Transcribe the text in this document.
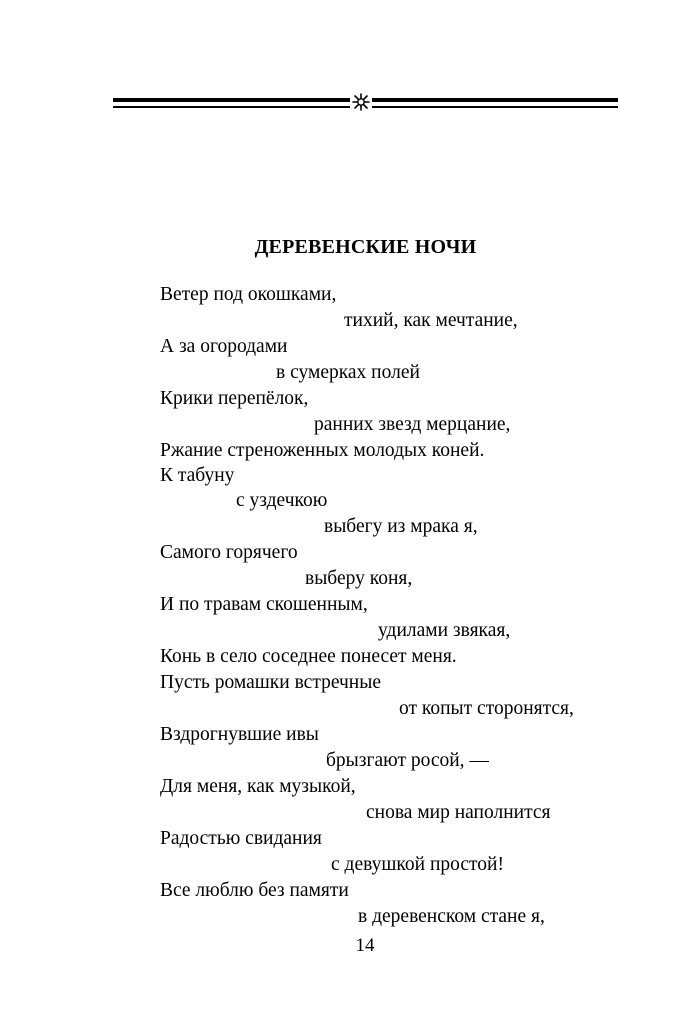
ДЕРЕВЕНСКИЕ НОЧИ
Ветер под окошками,
тихий, как мечтание,
А за огородами
в сумерках полей
Крики перепёлок,
ранних звезд мерцание,
Ржание стреноженных молодых коней.
К табуну
с уздечкою
выбегу из мрака я,
Самого горячего
выберу коня,
И по травам скошенным,
удилами звякая,
Конь в село соседнее понесет меня.
Пусть ромашки встречные
от копыт сторонятся,
Вздрогнувшие ивы
брызгают росой, —
Для меня, как музыкой,
снова мир наполнится
Радостью свидания
с девушкой простой!
Все люблю без памяти
в деревенском стане я,
14
